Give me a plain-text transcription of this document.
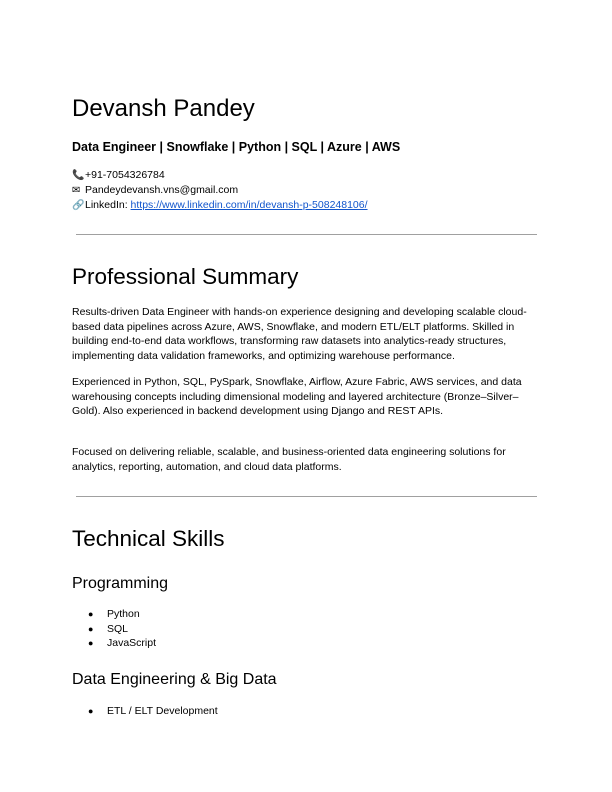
Devansh Pandey
Data Engineer | Snowflake | Python | SQL | Azure | AWS
📞+91-7054326784
✉ Pandeydevansh.vns@gmail.com
🔗LinkedIn: https://www.linkedin.com/in/devansh-p-508248106/
Professional Summary

Results-driven Data Engineer with hands-on experience designing and developing scalable cloud-based data pipelines across Azure, AWS, Snowflake, and modern ETL/ELT platforms. Skilled in building end-to-end data workflows, transforming raw datasets into analytics-ready structures, implementing data validation frameworks, and optimizing warehouse performance.

Experienced in Python, SQL, PySpark, Snowflake, Airflow, Azure Fabric, AWS services, and data warehousing concepts including dimensional modeling and layered architecture (Bronze–Silver–Gold). Also experienced in backend development using Django and REST APIs.

Focused on delivering reliable, scalable, and business-oriented data engineering solutions for analytics, reporting, automation, and cloud data platforms.

Technical Skills
Programming
● Python
● SQL
● JavaScript
Data Engineering & Big Data
● ETL / ELT Development
